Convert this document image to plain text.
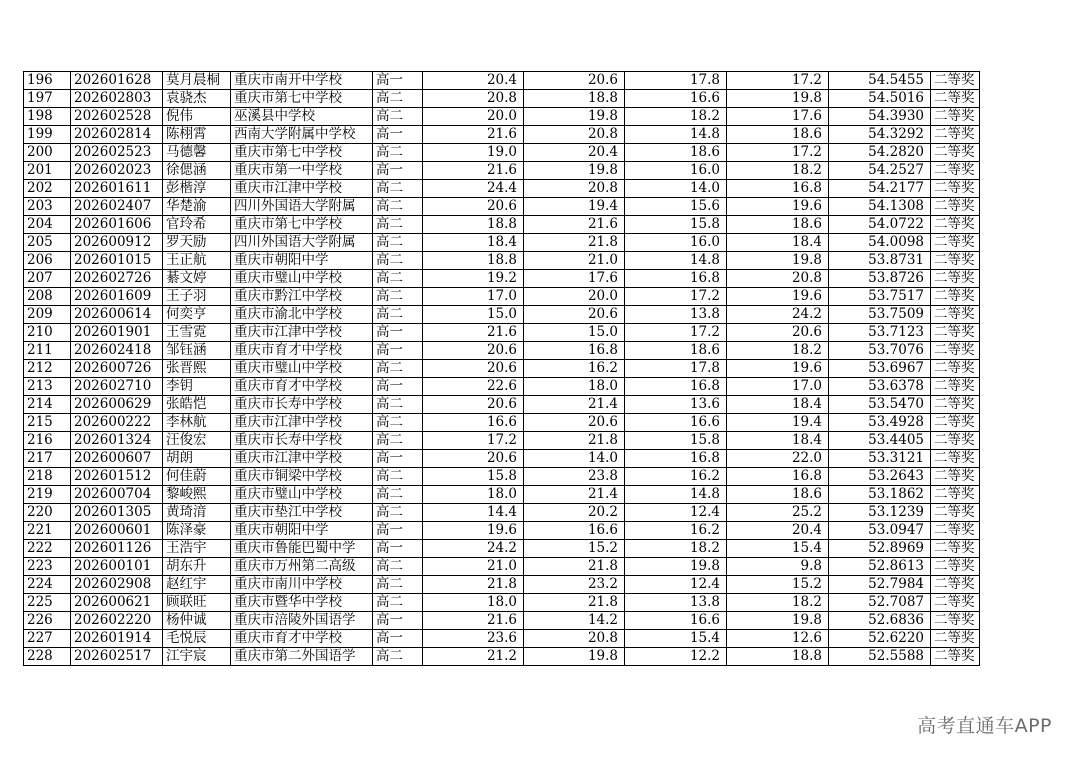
196	202601628	莫月晨桐	重庆市南开中学校	高一	20.4	20.6	17.8	17.2	54.5455	二等奖
197	202602803	袁骁杰	重庆市第七中学校	高二	20.8	18.8	16.6	19.8	54.5016	二等奖
198	202602528	倪伟	巫溪县中学校	高二	20.0	19.8	18.2	17.6	54.3930	二等奖
199	202602814	陈栩霄	西南大学附属中学校	高一	21.6	20.8	14.8	18.6	54.3292	二等奖
200	202602523	马德馨	重庆市第七中学校	高二	19.0	20.4	18.6	17.2	54.2820	二等奖
201	202602023	徐偲涵	重庆市第一中学校	高一	21.6	19.8	16.0	18.2	54.2527	二等奖
202	202601611	彭楷淳	重庆市江津中学校	高二	24.4	20.8	14.0	16.8	54.2177	二等奖
203	202602407	华楚渝	四川外国语大学附属	高二	20.6	19.4	15.6	19.6	54.1308	二等奖
204	202601606	官玲希	重庆市第七中学校	高二	18.8	21.6	15.8	18.6	54.0722	二等奖
205	202600912	罗天励	四川外国语大学附属	高二	18.4	21.8	16.0	18.4	54.0098	二等奖
206	202601015	王正航	重庆市朝阳中学	高二	18.8	21.0	14.8	19.8	53.8731	二等奖
207	202602726	綦文婷	重庆市璧山中学校	高二	19.2	17.6	16.8	20.8	53.8726	二等奖
208	202601609	王子羽	重庆市黔江中学校	高二	17.0	20.0	17.2	19.6	53.7517	二等奖
209	202600614	何奕亨	重庆市渝北中学校	高二	15.0	20.6	13.8	24.2	53.7509	二等奖
210	202601901	王雪霓	重庆市江津中学校	高一	21.6	15.0	17.2	20.6	53.7123	二等奖
211	202602418	邹钰涵	重庆市育才中学校	高一	20.6	16.8	18.6	18.2	53.7076	二等奖
212	202600726	张晋熙	重庆市璧山中学校	高二	20.6	16.2	17.8	19.6	53.6967	二等奖
213	202602710	李钥	重庆市育才中学校	高一	22.6	18.0	16.8	17.0	53.6378	二等奖
214	202600629	张皓恺	重庆市长寿中学校	高二	20.6	21.4	13.6	18.4	53.5470	二等奖
215	202600222	李林航	重庆市江津中学校	高二	16.6	20.6	16.6	19.4	53.4928	二等奖
216	202601324	汪俊宏	重庆市长寿中学校	高二	17.2	21.8	15.8	18.4	53.4405	二等奖
217	202600607	胡朗	重庆市江津中学校	高一	20.6	14.0	16.8	22.0	53.3121	二等奖
218	202601512	何佳蔚	重庆市铜梁中学校	高二	15.8	23.8	16.2	16.8	53.2643	二等奖
219	202600704	黎峻熙	重庆市璧山中学校	高二	18.0	21.4	14.8	18.6	53.1862	二等奖
220	202601305	黄琦湇	重庆市垫江中学校	高二	14.4	20.2	12.4	25.2	53.1239	二等奖
221	202600601	陈泽豪	重庆市朝阳中学	高一	19.6	16.6	16.2	20.4	53.0947	二等奖
222	202601126	王浩宇	重庆市鲁能巴蜀中学	高一	24.2	15.2	18.2	15.4	52.8969	二等奖
223	202600101	胡东升	重庆市万州第二高级	高二	21.0	21.8	19.8	9.8	52.8613	二等奖
224	202602908	赵红宇	重庆市南川中学校	高二	21.8	23.2	12.4	15.2	52.7984	二等奖
225	202600621	顾联旺	重庆市暨华中学校	高二	18.0	21.8	13.8	18.2	52.7087	二等奖
226	202602220	杨仲诚	重庆市涪陵外国语学	高一	21.6	14.2	16.6	19.8	52.6836	二等奖
227	202601914	毛悦辰	重庆市育才中学校	高一	23.6	20.8	15.4	12.6	52.6220	二等奖
228	202602517	江宇宸	重庆市第二外国语学	高二	21.2	19.8	12.2	18.8	52.5588	二等奖
高考直通车APP
